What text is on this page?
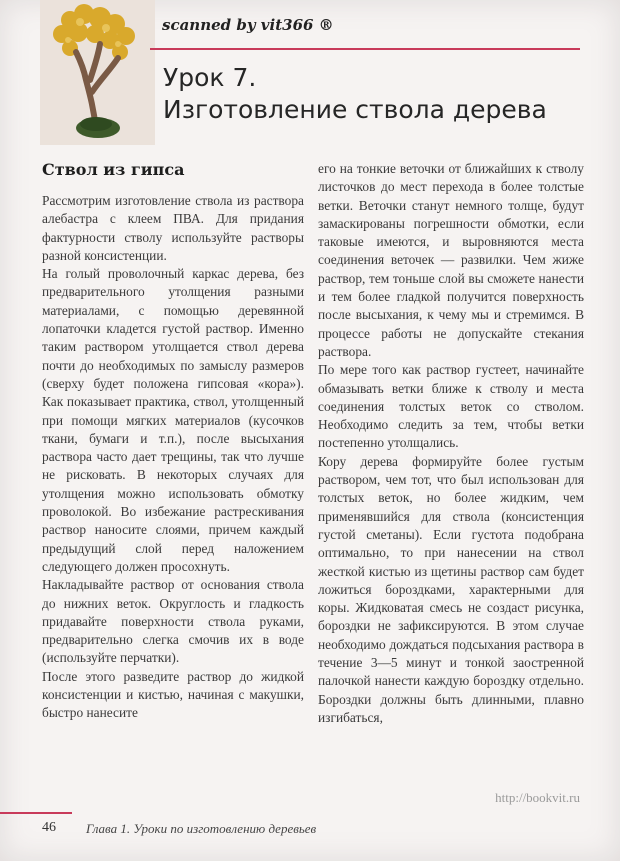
scanned by vit366 ®
Урок 7.
Изготовление ствола дерева
Ствол из гипса

Рассмотрим изготовление ствола из раствора алебастра с клеем ПВА. Для придания фактурности стволу используйте растворы разной консистенции.

На голый проволочный каркас дерева, без предварительного утолщения разными материалами, с помощью деревянной лопаточки кладется густой раствор. Именно таким раствором утолщается ствол дерева почти до необходимых по замыслу размеров (сверху будет положена гипсовая «кора»). Как показывает практика, ствол, утолщенный при помощи мягких материалов (кусочков ткани, бумаги и т.п.), после высыхания раствора часто дает трещины, так что лучше не рисковать. В некоторых случаях для утолщения можно использовать обмотку проволокой. Во избежание растрескивания раствор наносите слоями, причем каждый предыдущий слой перед наложением следующего должен просохнуть.

Накладывайте раствор от основания ствола до нижних веток. Округлость и гладкость придавайте поверхности ствола руками, предварительно слегка смочив их в воде (используйте перчатки).

После этого разведите раствор до жидкой консистенции и кистью, начиная с макушки, быстро нанесите

его на тонкие веточки от ближайших к стволу листочков до мест перехода в более толстые ветки. Веточки станут немного толще, будут замаскированы погрешности обмотки, если таковые имеются, и выровняются места соединения веточек — развилки. Чем жиже раствор, тем тоньше слой вы сможете нанести и тем более гладкой получится поверхность после высыхания, к чему мы и стремимся. В процессе работы не допускайте стекания раствора.

По мере того как раствор густеет, начинайте обмазывать ветки ближе к стволу и места соединения толстых веток со стволом. Необходимо следить за тем, чтобы ветки постепенно утолщались.

Кору дерева формируйте более густым раствором, чем тот, что был использован для толстых веток, но более жидким, чем применявшийся для ствола (консистенция густой сметаны). Если густота подобрана оптимально, то при нанесении на ствол жесткой кистью из щетины раствор сам будет ложиться бороздками, характерными для коры. Жидковатая смесь не создаст рисунка, бороздки не зафиксируются. В этом случае необходимо дождаться подсыхания раствора в течение 3—5 минут и тонкой заостренной палочкой нанести каждую бороздку отдельно. Бороздки должны быть длинными, плавно изгибаться,

http://bookvit.ru
46 Глава 1. Уроки по изготовлению деревьев
